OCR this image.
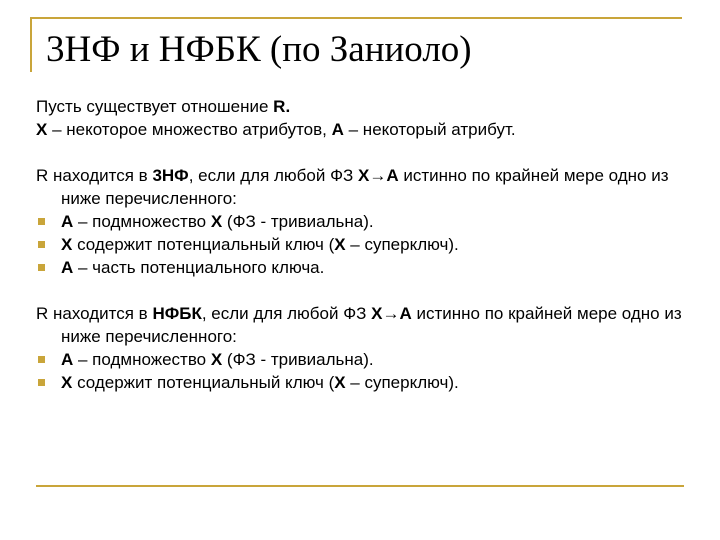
3НФ и НФБК (по Заниоло)

Пусть существует отношение R.

X – некоторое множество атрибутов, A – некоторый атрибут.

R находится в 3НФ, если для любой ФЗ X→A истинно по крайней мере одно из ниже перечисленного:

A – подмножество X (ФЗ - тривиальна).

X содержит потенциальный ключ (X – суперключ).

A – часть потенциального ключа.

R находится в НФБК, если для любой ФЗ X→A истинно по крайней мере одно из ниже перечисленного:

A – подмножество X (ФЗ - тривиальна).

X содержит потенциальный ключ (X – суперключ).
